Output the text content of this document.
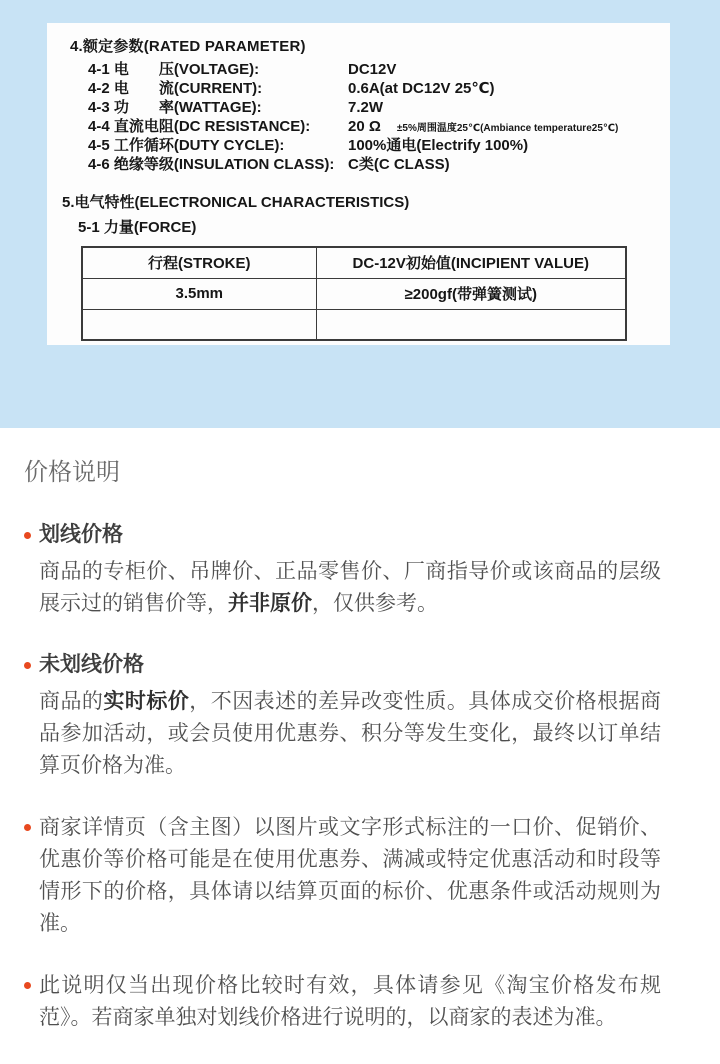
4.额定参数(RATED PARAMETER)
4-1 电　　压(VOLTAGE):	DC12V
4-2 电　　流(CURRENT):	0.6A(at DC12V 25℃)
4-3 功　　率(WATTAGE):	7.2W
4-4 直流电阻(DC RESISTANCE):	20 Ω ±5%周围温度25℃(Ambiance temperature25℃)
4-5 工作循环(DUTY CYCLE):	100%通电(Electrify 100%)
4-6 绝缘等级(INSULATION CLASS): C类(C CLASS)
5.电气特性(ELECTRONICAL CHARACTERISTICS)
5-1 力量(FORCE)
行程(STROKE)	DC-12V初始值(INCIPIENT VALUE)
3.5mm	≥200gf(带弹簧测试)

价格说明
划线价格
商品的专柜价、吊牌价、正品零售价、厂商指导价或该商品的层级展示过的销售价等，并非原价，仅供参考。
未划线价格
商品的实时标价，不因表述的差异改变性质。具体成交价格根据商品参加活动，或会员使用优惠券、积分等发生变化，最终以订单结算页价格为准。
商家详情页（含主图）以图片或文字形式标注的一口价、促销价、优惠价等价格可能是在使用优惠券、满减或特定优惠活动和时段等情形下的价格，具体请以结算页面的标价、优惠条件或活动规则为准。
此说明仅当出现价格比较时有效，具体请参见《淘宝价格发布规范》。若商家单独对划线价格进行说明的，以商家的表述为准。
